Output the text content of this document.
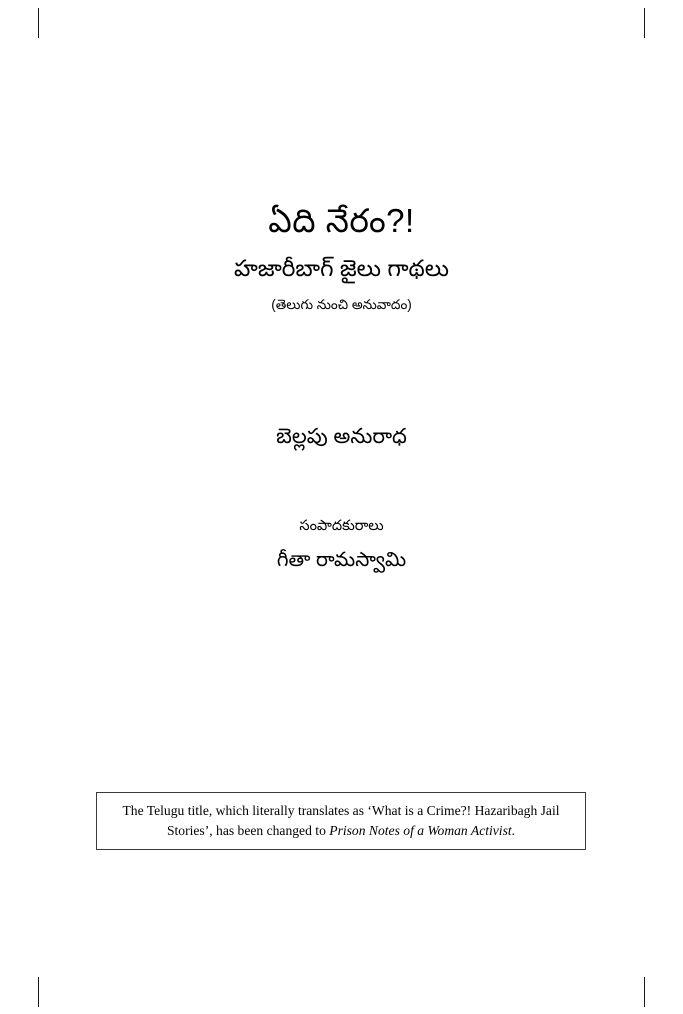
ఏది నేరం?!

హజారీబాగ్ జైలు గాథలు

(తెలుగు నుంచి అనువాదం)

బెల్లపు అనురాధ

సంపాదకురాలు

గీతా రామస్వామి

The Telugu title, which literally translates as ‘What is a Crime?! Hazaribagh Jail Stories’, has been changed to Prison Notes of a Woman Activist.
